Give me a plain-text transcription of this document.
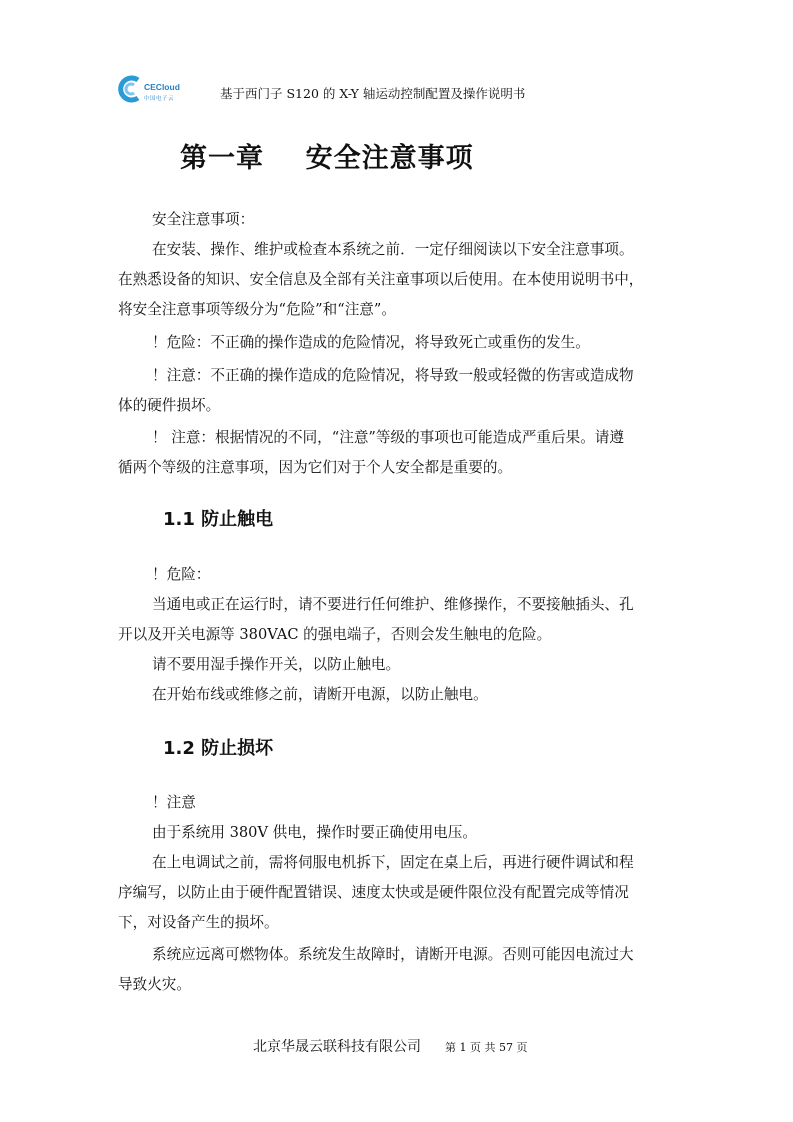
CECloud
中国电子云	基于西门子 S120 的 X-Y 轴运动控制配置及操作说明书
第一章    安全注意事项
安全注意事项：
在安装、操作、维护或检查本系统之前．一定仔细阅读以下安全注意事项。
在熟悉设备的知识、安全信息及全部有关注童事项以后使用。在本使用说明书中，
将安全注意事项等级分为“危险”和“注意”。
！危险：不正确的操作造成的危险情况，将导致死亡或重伤的发生。
！注意：不正确的操作造成的危险情况，将导致一般或轻微的伤害或造成物
体的硬件损坏。
！ 注意：根据情况的不同，“注意”等级的事项也可能造成严重后果。请遵
循两个等级的注意事项，因为它们对于个人安全都是重要的。
1.1 防止触电
！危险：
当通电或正在运行时，请不要进行任何维护、维修操作，不要接触插头、孔
开以及开关电源等 380VAC 的强电端子，否则会发生触电的危险。
请不要用湿手操作开关，以防止触电。
在开始布线或维修之前，请断开电源，以防止触电。
1.2 防止损坏
！注意
由于系统用 380V 供电，操作时要正确使用电压。
在上电调试之前，需将伺服电机拆下，固定在桌上后，再进行硬件调试和程
序编写，以防止由于硬件配置错误、速度太快或是硬件限位没有配置完成等情况
下，对设备产生的损坏。
系统应远离可燃物体。系统发生故障时，请断开电源。否则可能因电流过大
导致火灾。
北京华晟云联科技有限公司 第 1 页 共 57 页
